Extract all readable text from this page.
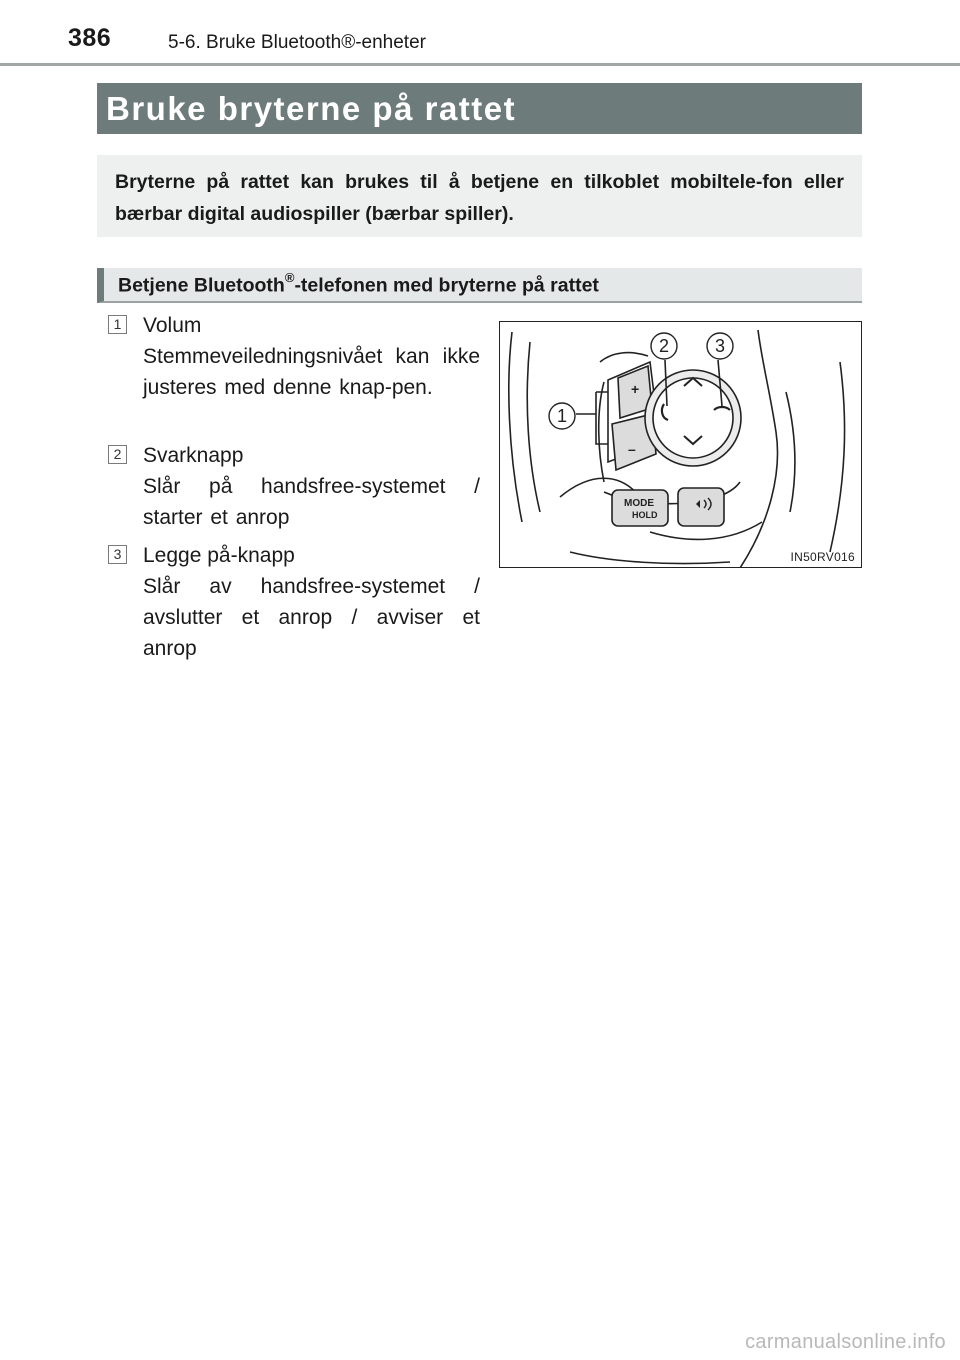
386	5-6. Bruke Bluetooth®-enheter
Bruke bryterne på rattet
Bryterne på rattet kan brukes til å betjene en tilkoblet mobiltele-fon eller bærbar digital audiospiller (bærbar spiller).
Betjene Bluetooth®-telefonen med bryterne på rattet
1 Volum
Stemmeveiledningsnivået kan ikke justeres med denne knap-pen.
2 Svarknapp
Slår på handsfree-systemet / starter et anrop
3 Legge på-knapp
Slår av handsfree-systemet / avslutter et anrop / avviser et anrop
+
–
MODE
HOLD
1
2	3
IN50RV016
carmanualsonline.info
